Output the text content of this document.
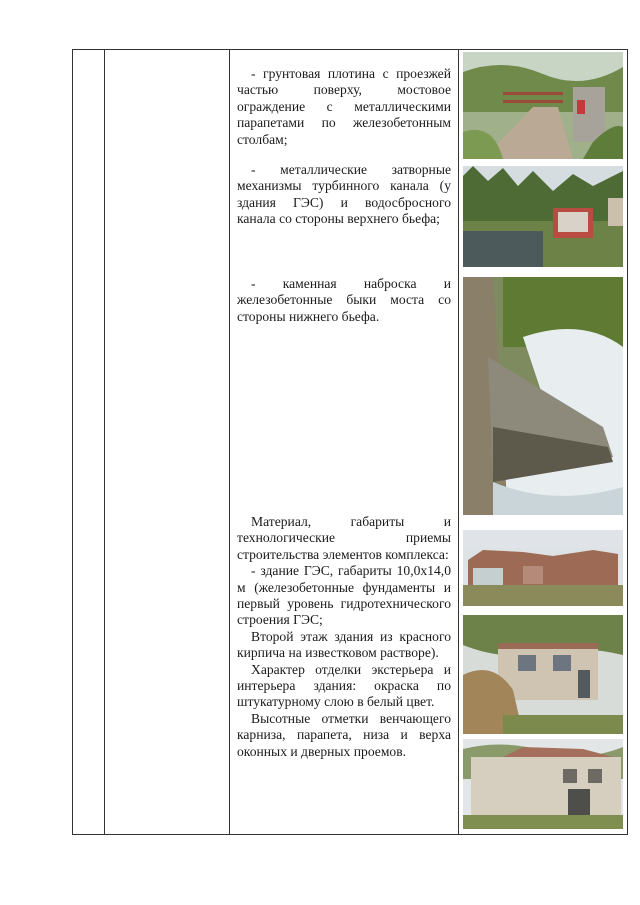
- грунтовая плотина с проезжей частью поверху, мостовое ограждение с металлическими парапетами по железобетонным столбам;

- металлические затворные механизмы турбинного канала (у здания ГЭС) и водосбросного канала со стороны верхнего бьефа;

- каменная наброска и железобетонные быки моста со стороны нижнего бьефа.

Материал, габариты и технологические приемы строительства элементов комплекса:

- здание ГЭС, габариты 10,0х14,0 м (железобетонные фундаменты и первый уровень гидротехнического строения ГЭС;

Второй этаж здания из красного кирпича на известковом растворе).

Характер отделки экстерьера и интерьера здания: окраска по штукатурному слою в белый цвет.

Высотные отметки венчающего карниза, парапета, низа и верха оконных и дверных проемов.
